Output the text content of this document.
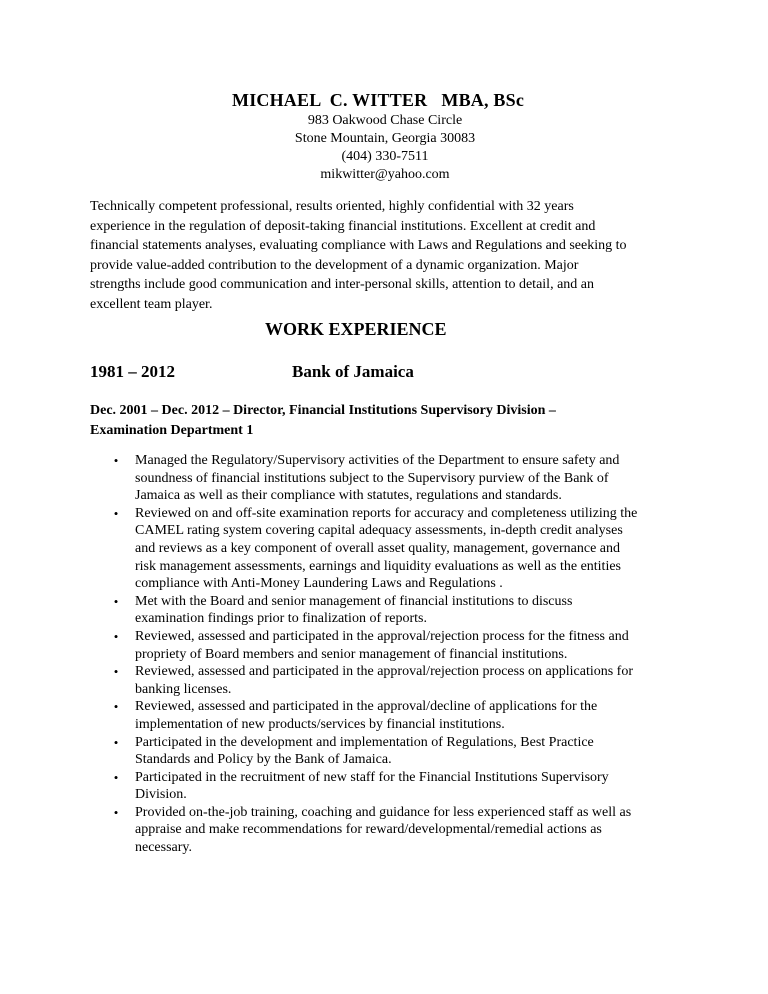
MICHAEL  C. WITTER   MBA, BSc
983 Oakwood Chase Circle
Stone Mountain, Georgia 30083
(404) 330-7511
mikwitter@yahoo.com
Technically competent professional, results oriented, highly confidential with 32 years
experience in the regulation of deposit-taking financial institutions. Excellent at credit and
financial statements analyses, evaluating compliance with Laws and Regulations and seeking to
provide value-added contribution to the development of a dynamic organization. Major
strengths include good communication and inter-personal skills, attention to detail, and an
excellent team player.
WORK EXPERIENCE
1981 – 2012	Bank of Jamaica
Dec. 2001 – Dec. 2012 – Director, Financial Institutions Supervisory Division –
Examination Department 1
• Managed the Regulatory/Supervisory activities of the Department to ensure safety and
soundness of financial institutions subject to the Supervisory purview of the Bank of
Jamaica as well as their compliance with statutes, regulations and standards.
• Reviewed on and off-site examination reports for accuracy and completeness utilizing the
CAMEL rating system covering capital adequacy assessments, in-depth credit analyses
and reviews as a key component of overall asset quality, management, governance and
risk management assessments, earnings and liquidity evaluations as well as the entities
compliance with Anti-Money Laundering Laws and Regulations .
• Met with the Board and senior management of financial institutions to discuss
examination findings prior to finalization of reports.
• Reviewed, assessed and participated in the approval/rejection process for the fitness and
propriety of Board members and senior management of financial institutions.
• Reviewed, assessed and participated in the approval/rejection process on applications for
banking licenses.
• Reviewed, assessed and participated in the approval/decline of applications for the
implementation of new products/services by financial institutions.
• Participated in the development and implementation of Regulations, Best Practice
Standards and Policy by the Bank of Jamaica.
• Participated in the recruitment of new staff for the Financial Institutions Supervisory
Division.
• Provided on-the-job training, coaching and guidance for less experienced staff as well as
appraise and make recommendations for reward/developmental/remedial actions as
necessary.
